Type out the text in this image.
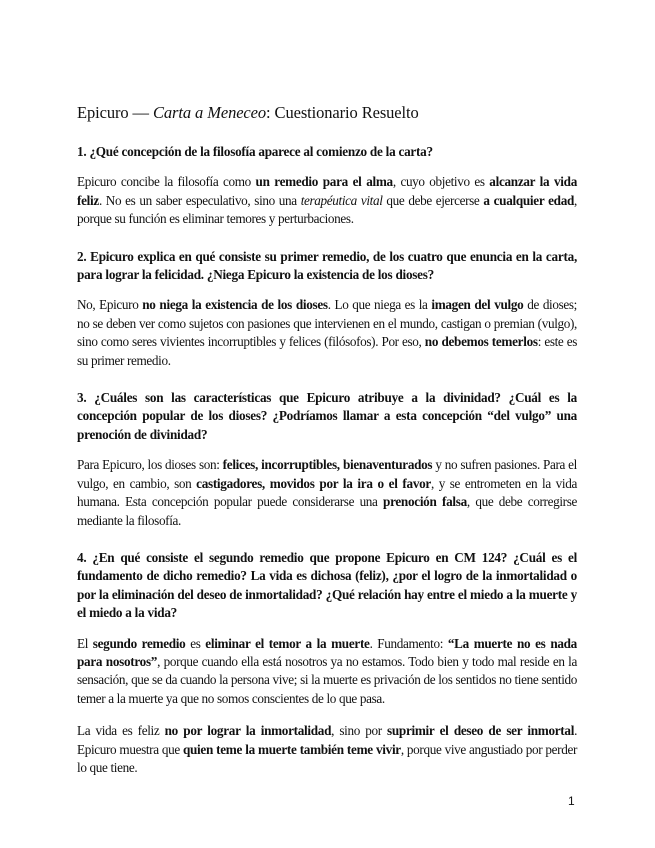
Epicuro — Carta a Meneceo: Cuestionario Resuelto

1. ¿Qué concepción de la filosofía aparece al comienzo de la carta?

Epicuro concibe la filosofía como un remedio para el alma, cuyo objetivo es alcanzar la vida feliz. No es un saber especulativo, sino una terapéutica vital que debe ejercerse a cualquier edad, porque su función es eliminar temores y perturbaciones.

2. Epicuro explica en qué consiste su primer remedio, de los cuatro que enuncia en la carta, para lograr la felicidad. ¿Niega Epicuro la existencia de los dioses?

No, Epicuro no niega la existencia de los dioses. Lo que niega es la imagen del vulgo de dioses; no se deben ver como sujetos con pasiones que intervienen en el mundo, castigan o premian (vulgo), sino como seres vivientes incorruptibles y felices (filósofos). Por eso, no debemos temerlos: este es su primer remedio.

3. ¿Cuáles son las características que Epicuro atribuye a la divinidad? ¿Cuál es la concepción popular de los dioses? ¿Podríamos llamar a esta concepción “del vulgo” una prenoción de divinidad?

Para Epicuro, los dioses son: felices, incorruptibles, bienaventurados y no sufren pasiones. Para el vulgo, en cambio, son castigadores, movidos por la ira o el favor, y se entrometen en la vida humana. Esta concepción popular puede considerarse una prenoción falsa, que debe corregirse mediante la filosofía.

4. ¿En qué consiste el segundo remedio que propone Epicuro en CM 124? ¿Cuál es el fundamento de dicho remedio? La vida es dichosa (feliz), ¿por el logro de la inmortalidad o por la eliminación del deseo de inmortalidad? ¿Qué relación hay entre el miedo a la muerte y el miedo a la vida?

El segundo remedio es eliminar el temor a la muerte. Fundamento: “La muerte no es nada para nosotros”, porque cuando ella está nosotros ya no estamos. Todo bien y todo mal reside en la sensación, que se da cuando la persona vive; si la muerte es privación de los sentidos no tiene sentido temer a la muerte ya que no somos conscientes de lo que pasa.

La vida es feliz no por lograr la inmortalidad, sino por suprimir el deseo de ser inmortal. Epicuro muestra que quien teme la muerte también teme vivir, porque vive angustiado por perder lo que tiene.

1
